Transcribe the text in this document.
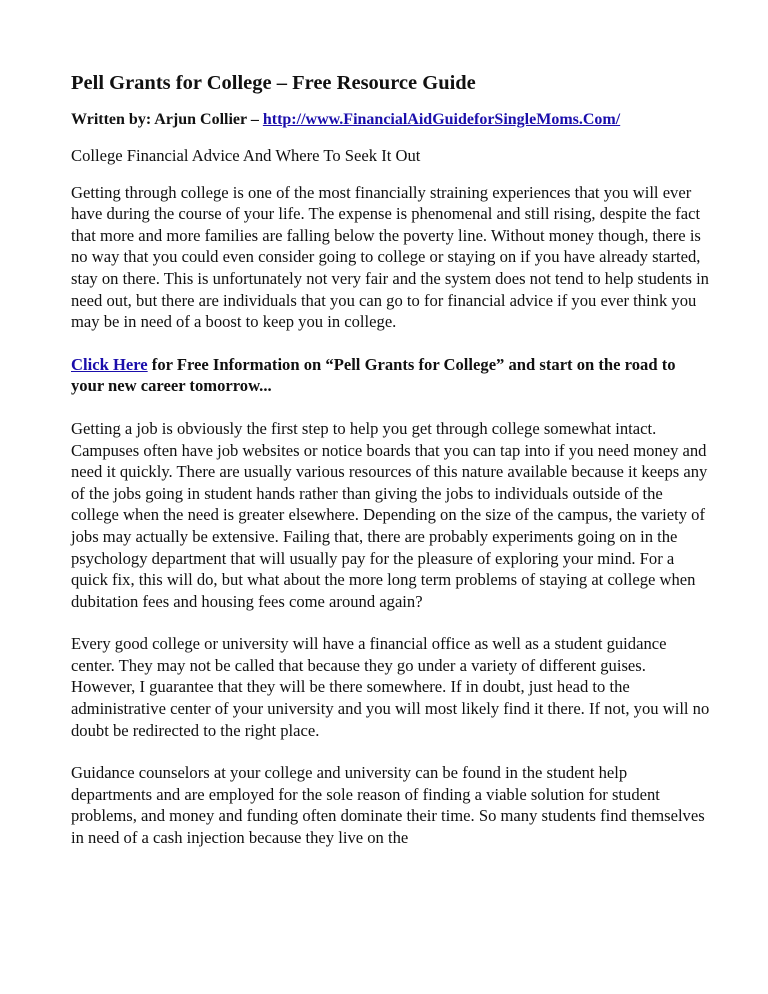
Pell Grants for College – Free Resource Guide
Written by: Arjun Collier – http://www.FinancialAidGuideforSingleMoms.Com/
College Financial Advice And Where To Seek It Out

Getting through college is one of the most financially straining experiences that you will ever have during the course of your life. The expense is phenomenal and still rising, despite the fact that more and more families are falling below the poverty line. Without money though, there is no way that you could even consider going to college or staying on if you have already started, stay on there. This is unfortunately not very fair and the system does not tend to help students in need out, but there are individuals that you can go to for financial advice if you ever think you may be in need of a boost to keep you in college.

Click Here for Free Information on “Pell Grants for College” and start on the road to your new career tomorrow...

Getting a job is obviously the first step to help you get through college somewhat intact. Campuses often have job websites or notice boards that you can tap into if you need money and need it quickly. There are usually various resources of this nature available because it keeps any of the jobs going in student hands rather than giving the jobs to individuals outside of the college when the need is greater elsewhere. Depending on the size of the campus, the variety of jobs may actually be extensive. Failing that, there are probably experiments going on in the psychology department that will usually pay for the pleasure of exploring your mind. For a quick fix, this will do, but what about the more long term problems of staying at college when dubitation fees and housing fees come around again?

Every good college or university will have a financial office as well as a student guidance center. They may not be called that because they go under a variety of different guises. However, I guarantee that they will be there somewhere. If in doubt, just head to the administrative center of your university and you will most likely find it there. If not, you will no doubt be redirected to the right place.

Guidance counselors at your college and university can be found in the student help departments and are employed for the sole reason of finding a viable solution for student problems, and money and funding often dominate their time. So many students find themselves in need of a cash injection because they live on the
